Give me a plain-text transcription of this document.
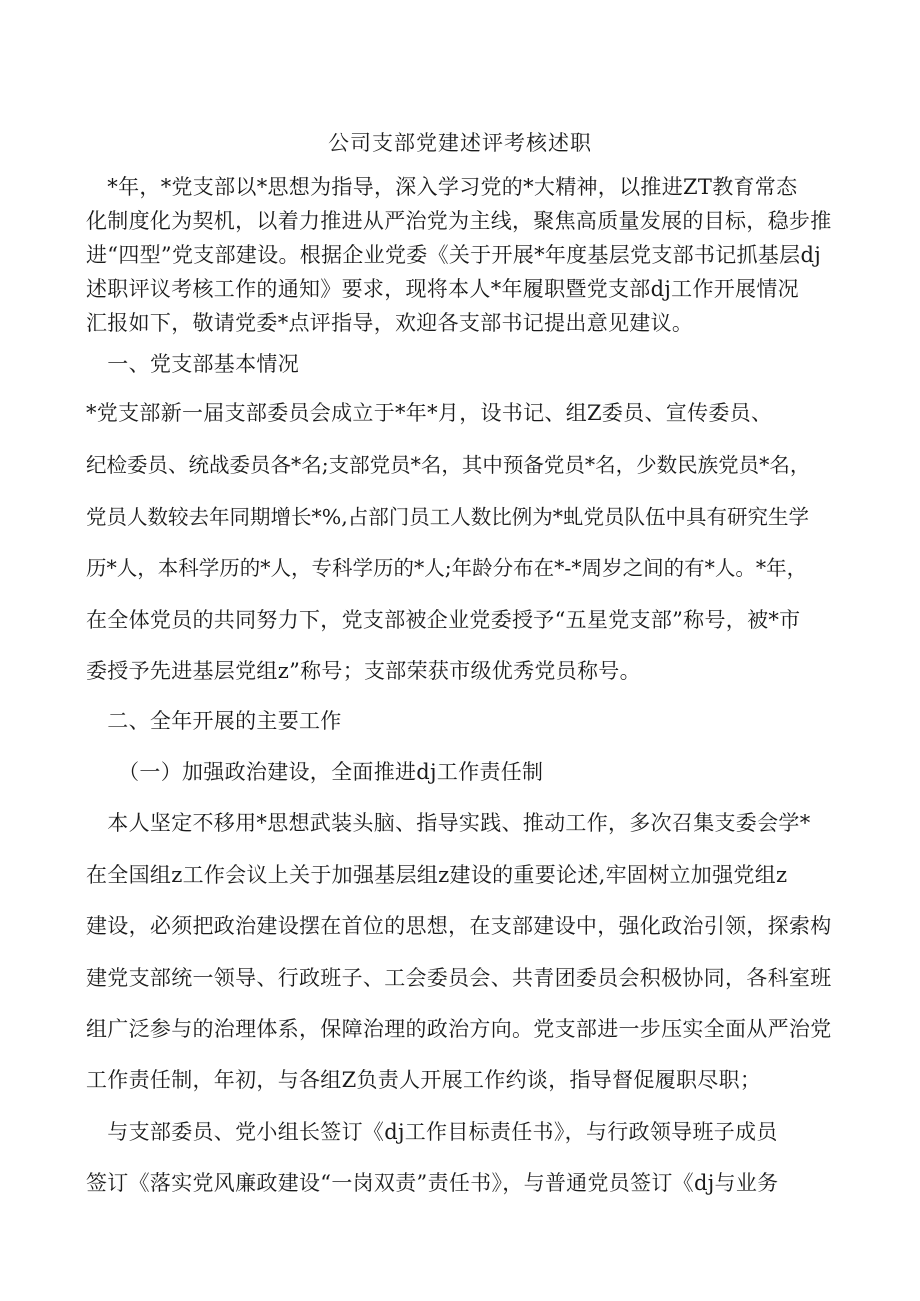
公司支部党建述评考核述职
　*年，*党支部以*思想为指导，深入学习党的*大精神，以推进ZT教育常态
化制度化为契机，以着力推进从严治党为主线，聚焦高质量发展的目标，稳步推
进“四型”党支部建设。根据企业党委《关于开展*年度基层党支部书记抓基层dj
述职评议考核工作的通知》要求，现将本人*年履职暨党支部dj工作开展情况
汇报如下，敬请党委*点评指导，欢迎各支部书记提出意见建议。
　一、党支部基本情况
*党支部新一届支部委员会成立于*年*月，设书记、组Z委员、宣传委员、
纪检委员、统战委员各*名;支部党员*名，其中预备党员*名，少数民族党员*名，
党员人数较去年同期增长*%,占部门员工人数比例为*虬党员队伍中具有研究生学
历*人，本科学历的*人，专科学历的*人;年龄分布在*-*周岁之间的有*人。*年，
在全体党员的共同努力下，党支部被企业党委授予“五星党支部”称号，被*市
委授予先进基层党组z”称号；支部荣获市级优秀党员称号。
　二、全年开展的主要工作
　　（一）加强政治建设，全面推进dj工作责任制
　本人坚定不移用*思想武装头脑、指导实践、推动工作，多次召集支委会学*
在全国组z工作会议上关于加强基层组z建设的重要论述,牢固树立加强党组z
建设，必须把政治建设摆在首位的思想，在支部建设中，强化政治引领，探索构
建党支部统一领导、行政班子、工会委员会、共青团委员会积极协同，各科室班
组广泛参与的治理体系，保障治理的政治方向。党支部进一步压实全面从严治党
工作责任制，年初，与各组Z负责人开展工作约谈，指导督促履职尽职；
　与支部委员、党小组长签订《dj工作目标责任书》，与行政领导班子成员
签订《落实党风廉政建设“一岗双责”责任书》，与普通党员签订《dj与业务
